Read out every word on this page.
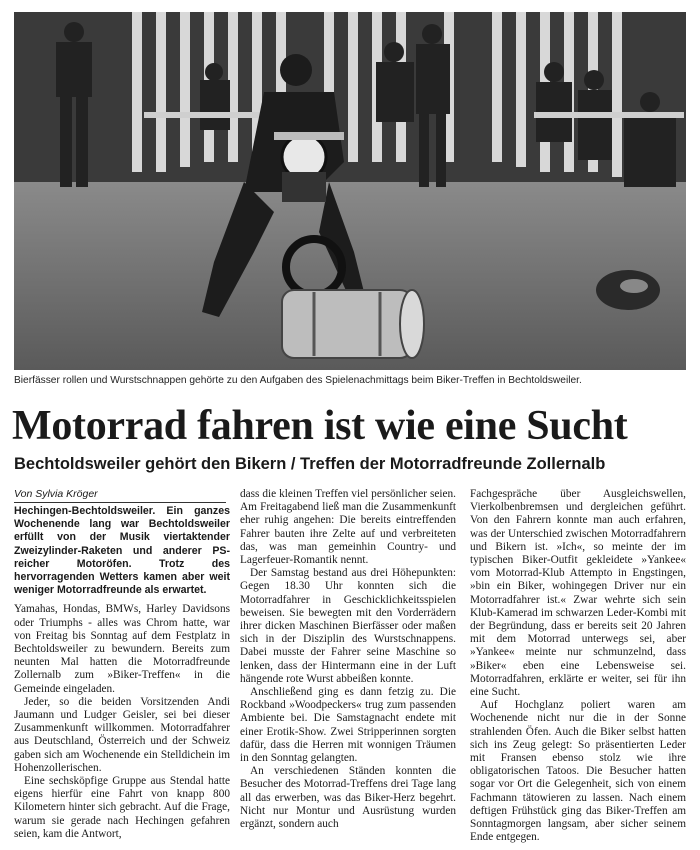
Bierfässer rollen und Wurstschnappen gehörte zu den Aufgaben des Spielenachmittags beim Biker-Treffen in Bechtoldsweiler.
Motorrad fahren ist wie eine Sucht
Bechtoldsweiler gehört den Bikern / Treffen der Motorradfreunde Zollernalb
Von Sylvia Kröger

Hechingen-Bechtoldsweiler. Ein ganzes Wochenende lang war Bechtoldsweiler erfüllt von der Musik viertaktender Zweizylinder-Raketen und anderer PS-reicher Motoröfen. Trotz des hervorragenden Wetters kamen aber weit weniger Motorradfreunde als erwartet.

Yamahas, Hondas, BMWs, Harley Davidsons oder Triumphs - alles was Chrom hatte, war von Freitag bis Sonntag auf dem Festplatz in Bechtoldsweiler zu bewundern. Bereits zum neunten Mal hatten die Motorradfreunde Zollernalb zum »Biker-Treffen« in die Gemeinde eingeladen.

Jeder, so die beiden Vorsitzenden Andi Jaumann und Ludger Geisler, sei bei dieser Zusammenkunft willkommen. Motorradfahrer aus Deutschland, Österreich und der Schweiz gaben sich am Wochenende ein Stelldichein im Hohenzollerischen.

Eine sechsköpfige Gruppe aus Stendal hatte eigens hierfür eine Fahrt von knapp 800 Kilometern hinter sich gebracht. Auf die Frage, warum sie gerade nach Hechingen gefahren seien, kam die Antwort,

dass die kleinen Treffen viel persönlicher seien. Am Freitagabend ließ man die Zusammenkunft eher ruhig angehen: Die bereits eintreffenden Fahrer bauten ihre Zelte auf und verbreiteten das, was man gemeinhin Country- und Lagerfeuer-Romantik nennt.

Der Samstag bestand aus drei Höhepunkten: Gegen 18.30 Uhr konnten sich die Motorradfahrer in Geschicklichkeitsspielen beweisen. Sie bewegten mit den Vorderrädern ihrer dicken Maschinen Bierfässer oder maßen sich in der Disziplin des Wurstschnappens. Dabei musste der Fahrer seine Maschine so lenken, dass der Hintermann eine in der Luft hängende rote Wurst abbeißen konnte.

Anschließend ging es dann fetzig zu. Die Rockband »Woodpeckers« trug zum passenden Ambiente bei. Die Samstagnacht endete mit einer Erotik-Show. Zwei Stripperinnen sorgten dafür, dass die Herren mit wonnigen Träumen in den Sonntag gelangten.

An verschiedenen Ständen konnten die Besucher des Motorrad-Treffens drei Tage lang all das erwerben, was das Biker-Herz begehrt. Nicht nur Montur und Ausrüstung wurden ergänzt, sondern auch

Fachgespräche über Ausgleichswellen, Vierkolbenbremsen und dergleichen geführt. Von den Fahrern konnte man auch erfahren, was der Unterschied zwischen Motorradfahrern und Bikern ist. »Ich«, so meinte der im typischen Biker-Outfit gekleidete »Yankee« vom Motorrad-Klub Attempto in Engstingen, »bin ein Biker, wohingegen Driver nur ein Motorradfahrer ist.« Zwar wehrte sich sein Klub-Kamerad im schwarzen Leder-Kombi mit der Begründung, dass er bereits seit 20 Jahren mit dem Motorrad unterwegs sei, aber »Yankee« meinte nur schmunzelnd, dass »Biker« eben eine Lebensweise sei. Motorradfahren, erklärte er weiter, sei für ihn eine Sucht.

Auf Hochglanz poliert waren am Wochenende nicht nur die in der Sonne strahlenden Öfen. Auch die Biker selbst hatten sich ins Zeug gelegt: So präsentierten Leder mit Fransen ebenso stolz wie ihre obligatorischen Tatoos. Die Besucher hatten sogar vor Ort die Gelegenheit, sich von einem Fachmann tätowieren zu lassen. Nach einem deftigen Frühstück ging das Biker-Treffen am Sonntagmorgen langsam, aber sicher seinem Ende entgegen.
